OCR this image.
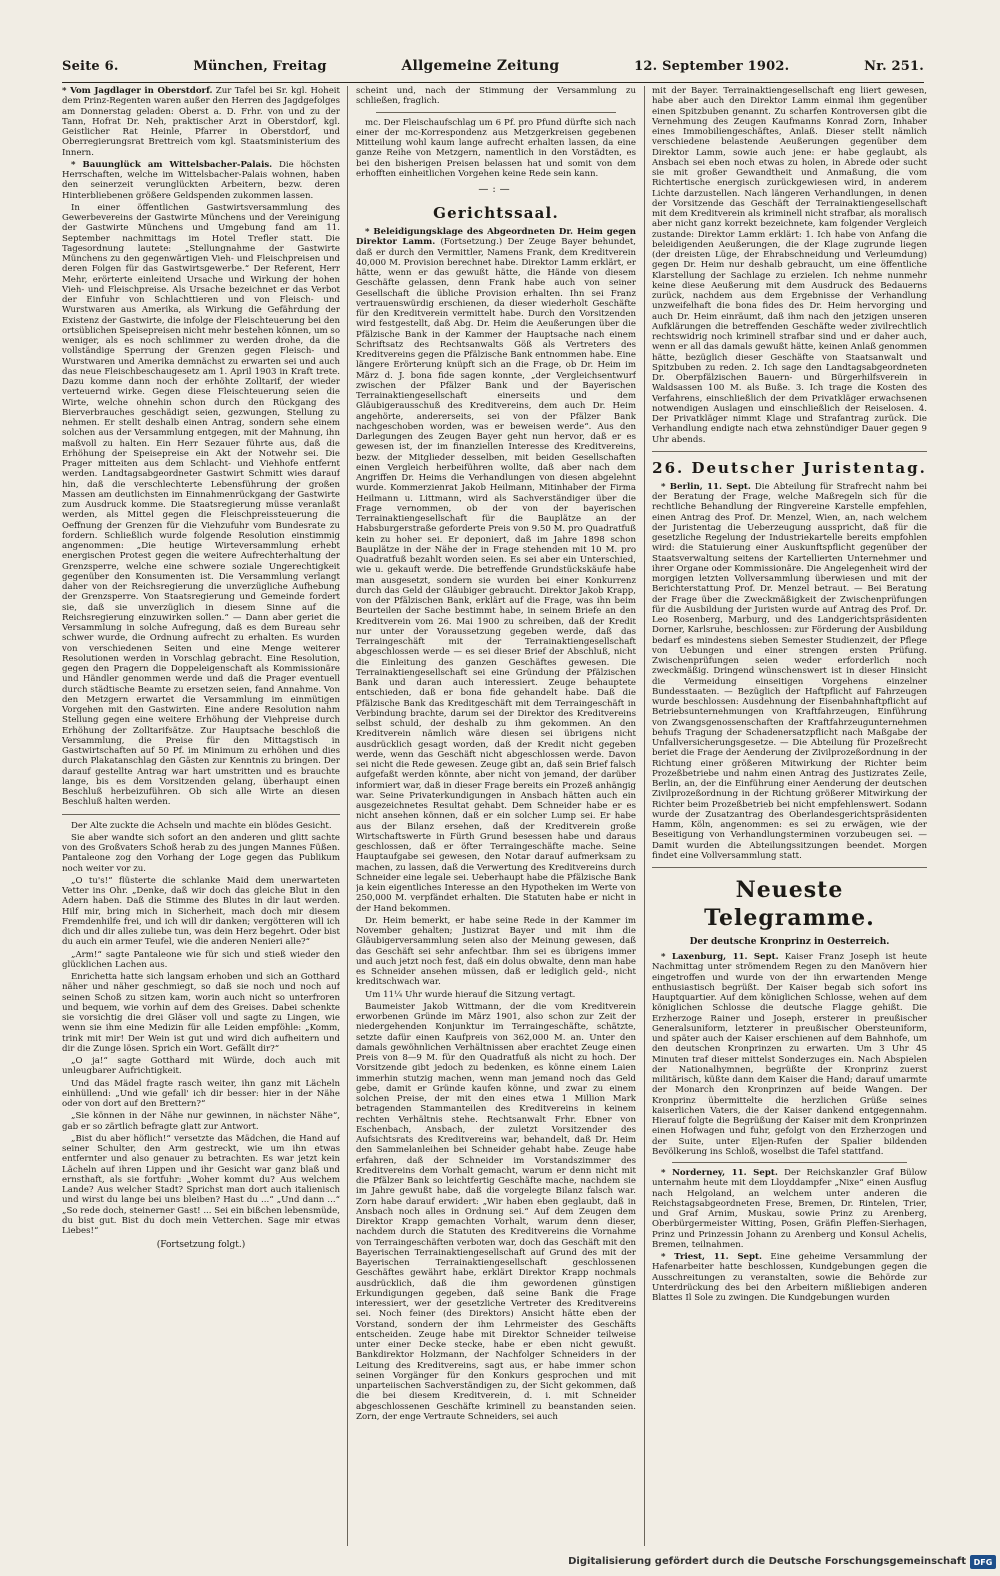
Seite 6.	München, Freitag	Allgemeine Zeitung	12. September 1902.	Nr. 251.

* Vom Jagdlager in Oberstdorf. Zur Tafel bei Sr. kgl. Hoheit dem Prinz-Regenten waren außer den Herren des Jagdgefolges am Donnerstag geladen: Oberst a. D. Frhr. von und zu der Tann, Hofrat Dr. Neh, praktischer Arzt in Oberstdorf, kgl. Geistlicher Rat Heinle, Pfarrer in Oberstdorf, und Oberregierungsrat Brettreich vom kgl. Staatsministerium des Innern.

* Bauunglück am Wittelsbacher-Palais. Die höchsten Herrschaften, welche im Wittelsbacher-Palais wohnen, haben den seinerzeit verunglückten Arbeitern, bezw. deren Hinterbliebenen größere Geldspenden zukommen lassen.

In einer öffentlichen Gastwirtsversammlung des Gewerbevereins der Gastwirte Münchens und der Vereinigung der Gastwirte Münchens und Umgebung fand am 11. September nachmittags im Hotel Trefler statt. Die Tagesordnung lautete: „Stellungnahme der Gastwirte Münchens zu den gegenwärtigen Vieh- und Fleischpreisen und deren Folgen für das Gastwirtsgewerbe.“ Der Referent, Herr Mehr, erörterte einleitend Ursache und Wirkung der hohen Vieh- und Fleischpreise. Als Ursache bezeichnet er das Verbot der Einfuhr von Schlachttieren und von Fleisch- und Wurstwaren aus Amerika, als Wirkung die Gefährdung der Existenz der Gastwirte, die infolge der Fleischteuerung bei den ortsüblichen Speisepreisen nicht mehr bestehen können, um so weniger, als es noch schlimmer zu werden drohe, da die vollständige Sperrung der Grenzen gegen Fleisch- und Wurstwaren und Amerika demnächst zu erwarten sei und auch das neue Fleischbeschaugesetz am 1. April 1903 in Kraft trete. Dazu komme dann noch der erhöhte Zolltarif, der wieder verteuernd wirke. Gegen diese Fleischteuerung seien die Wirte, welche ohnehin schon durch den Rückgang des Bierverbrauches geschädigt seien, gezwungen, Stellung zu nehmen. Er stellt deshalb einen Antrag, sondern sehe einem solchen aus der Versammlung entgegen, mit der Mahnung, ihn maßvoll zu halten. Ein Herr Sezauer führte aus, daß die Erhöhung der Speisepreise ein Akt der Notwehr sei. Die Prager mitteiten aus dem Schlacht- und Viehhofe entfernt werden. Landtagsabgeordneter Gastwirt Schmitt wies darauf hin, daß die verschlechterte Lebensführung der großen Massen am deutlichsten im Einnahmenrückgang der Gastwirte zum Ausdruck komme. Die Staatsregierung müsse veranlaßt werden, als Mittel gegen die Fleischpreissteuerung die Oeffnung der Grenzen für die Viehzufuhr vom Bundesrate zu fordern. Schließlich wurde folgende Resolution einstimmig angenommen: „Die heutige Wirteversammlung erhebt energischen Protest gegen die weitere Aufrechterhaltung der Grenzsperre, welche eine schwere soziale Ungerechtigkeit gegenüber den Konsumenten ist. Die Versammlung verlangt daher von der Reichsregierung die unverzügliche Aufhebung der Grenzsperre. Von Staatsregierung und Gemeinde fordert sie, daß sie unverzüglich in diesem Sinne auf die Reichsregierung einzuwirken sollen.“ — Dann aber geriet die Versammlung in solche Aufregung, daß es dem Bureau sehr schwer wurde, die Ordnung aufrecht zu erhalten. Es wurden von verschiedenen Seiten und eine Menge weiterer Resolutionen werden in Vorschlag gebracht. Eine Resolution, gegen den Pragern die Doppeleigenschaft als Kommissionäre und Händler genommen werde und daß die Prager eventuell durch städtische Beamte zu ersetzen seien, fand Annahme. Von den Metzgern erwartet die Versammlung im einmütigen Vorgehen mit den Gastwirten. Eine andere Resolution nahm Stellung gegen eine weitere Erhöhung der Viehpreise durch Erhöhung der Zolltarifsätze. Zur Hauptsache beschloß die Versammlung, die Preise für den Mittagstisch in Gastwirtschaften auf 50 Pf. im Minimum zu erhöhen und dies durch Plakatanschlag den Gästen zur Kenntnis zu bringen. Der darauf gestellte Antrag war hart umstritten und es brauchte lange, bis es dem Vorsitzenden gelang, überhaupt einen Beschluß herbeizuführen. Ob sich alle Wirte an diesen Beschluß halten werden.

Der Alte zuckte die Achseln und machte ein blödes Gesicht.

Sie aber wandte sich sofort an den anderen und glitt sachte von des Großvaters Schoß herab zu des jungen Mannes Füßen. Pantaleone zog den Vorhang der Loge gegen das Publikum noch weiter vor zu.

„O tu's!“ flüsterte die schlanke Maid dem unerwarteten Vetter ins Ohr. „Denke, daß wir doch das gleiche Blut in den Adern haben. Daß die Stimme des Blutes in dir laut werden. Hilf mir, bring mich in Sicherheit, mach doch mir diesem Fremdenhilfe frei, und ich will dir danken; vergötteren will ich dich und dir alles zuliebe tun, was dein Herz begehrt. Oder bist du auch ein armer Teufel, wie die anderen Nenieri alle?“

„Arm!“ sagte Pantaleone wie für sich und stieß wieder den glücklichen Lachen aus.

Enrichetta hatte sich langsam erhoben und sich an Gotthard näher und näher geschmiegt, so daß sie noch und noch auf seinen Schoß zu sitzen kam, worin auch nicht so unterfroren und bequem, wie vorhin auf dem des Greises. Dabei schenkte sie vorsichtig die drei Gläser voll und sagte zu Lingen, wie wenn sie ihm eine Medizin für alle Leiden empföhle: „Komm, trink mit mir! Der Wein ist gut und wird dich aufheitern und dir die Zunge lösen. Sprich ein Wort. Gefällt dir?“

„O ja!“ sagte Gotthard mit Würde, doch auch mit unleugbarer Aufrichtigkeit.

Und das Mädel fragte rasch weiter, ihn ganz mit Lächeln einhüllend: „Und wie gefall' ich dir besser: hier in der Nähe oder von dort auf den Brettern?“

„Sie können in der Nähe nur gewinnen, in nächster Nähe“, gab er so zärtlich befragte glatt zur Antwort.

„Bist du aber höflich!“ versetzte das Mädchen, die Hand auf seiner Schulter, den Arm gestreckt, wie um ihn etwas entfernter und also genauer zu betrachten. Es war jetzt kein Lächeln auf ihren Lippen und ihr Gesicht war ganz blaß und ernsthaft, als sie fortfuhr: „Woher kommt du? Aus welchem Lande? Aus welcher Stadt? Sprichst man dort auch italienisch und wirst du lange bei uns bleiben? Hast du ...“ „Und dann ...“ „So rede doch, steinerner Gast! ... Sei ein bißchen lebensmüde, du bist gut. Bist du doch mein Vetterchen. Sage mir etwas Liebes!“

(Fortsetzung folgt.)

scheint und, nach der Stimmung der Versammlung zu schließen, fraglich.

mc. Der Fleischaufschlag um 6 Pf. pro Pfund dürfte sich nach einer der mc-Korrespondenz aus Metzgerkreisen gegebenen Mitteilung wohl kaum lange aufrecht erhalten lassen, da eine ganze Reihe von Metzgern, namentlich in den Vorstädten, es bei den bisherigen Preisen belassen hat und somit von dem erhofften einheitlichen Vorgehen keine Rede sein kann.

—:—
Gerichtssaal.

* Beleidigungsklage des Abgeordneten Dr. Heim gegen Direktor Lamm. (Fortsetzung.) Der Zeuge Bayer behundet, daß er durch den Vermittler, Namens Frank, dem Kreditverein 40,000 M. Provision berechnet habe. Direktor Lamm erklärt, er hätte, wenn er das gewußt hätte, die Hände von diesem Geschäfte gelassen, denn Frank habe auch von seiner Gesellschaft die übliche Provision erhalten. Ihn sei Franz vertrauenswürdig erschienen, da dieser wiederholt Geschäfte für den Kreditverein vermittelt habe. Durch den Vorsitzenden wird festgestellt, daß Abg. Dr. Heim die Aeußerungen über die Pfälzische Bank in der Kammer der Hauptsache nach einem Schriftsatz des Rechtsanwalts Göß als Vertreters des Kreditvereins gegen die Pfälzische Bank entnommen habe. Eine längere Erörterung knüpft sich an die Frage, ob Dr. Heim im März d. J. bona fide sagen konnte, „der Vergleichsentwurf zwischen der Pfälzer Bank und der Bayerischen Terrainaktiengesellschaft einerseits und dem Gläubigerausschuß des Kreditvereins, dem auch Dr. Heim angehörte, andererseits, sei von der Pfälzer Bank nachgeschoben worden, was er beweisen werde“. Aus den Darlegungen des Zeugen Bayer geht nun hervor, daß er es gewesen ist, der im finanziellen Interesse des Kreditvereins, bezw. der Mitglieder desselben, mit beiden Gesellschaften einen Vergleich herbeiführen wollte, daß aber nach dem Angriffen Dr. Heims die Verhandlungen von diesen abgelehnt wurde. Kommerzienrat Jakob Heilmann, Mitinhaber der Firma Heilmann u. Littmann, wird als Sachverständiger über die Frage vernommen, ob der von der bayerischen Terrainaktiengesellschaft für die Bauplätze an der Habsburgerstraße geforderte Preis von 9.50 M. pro Quadratfuß kein zu hoher sei. Er deponiert, daß im Jahre 1898 schon Bauplätze in der Nähe der in Frage stehenden mit 10 M. pro Quadratfuß bezahlt worden seien. Es sei aber ein Unterschied, wie u. gekauft werde. Die betreffende Grundstückskäufe habe man ausgesetzt, sondern sie wurden bei einer Konkurrenz durch das Geld der Gläubiger gebraucht. Direktor Jakob Krapp, von der Pfälzischen Bank, erklärt auf die Frage, was ihn beim Beurteilen der Sache bestimmt habe, in seinem Briefe an den Kreditverein vom 26. Mai 1900 zu schreiben, daß der Kredit nur unter der Voraussetzung gegeben werde, daß das Terraingeschäft mit der Terrainaktiengesellschaft abgeschlossen werde — es sei dieser Brief der Abschluß, nicht die Einleitung des ganzen Geschäftes gewesen. Die Terrainaktiengesellschaft sei eine Gründung der Pfälzischen Bank und daran auch interessiert. Zeuge behauptete entschieden, daß er bona fide gehandelt habe. Daß die Pfälzische Bank das Kreditgeschäft mit dem Terraingeschäft in Verbindung brachte, darum sei der Direktor des Kreditvereins selbst schuld, der deshalb zu ihm gekommen. An den Kreditverein nämlich wäre diesen sei übrigens nicht ausdrücklich gesagt worden, daß der Kredit nicht gegeben werde, wenn das Geschäft nicht abgeschlossen werde. Davon sei nicht die Rede gewesen. Zeuge gibt an, daß sein Brief falsch aufgefaßt werden könnte, aber nicht von jemand, der darüber informiert war, daß in dieser Frage bereits ein Prozeß anhängig war. Seine Privaterkundigungen in Ansbach hätten auch ein ausgezeichnetes Resultat gehabt. Dem Schneider habe er es nicht ansehen können, daß er ein solcher Lump sei. Er habe aus der Bilanz ersehen, daß der Kreditverein große Wirtschaftswerte in Fürth Grund besessen habe und daraus geschlossen, daß er öfter Terraingeschäfte mache. Seine Hauptaufgabe sei gewesen, den Notar darauf aufmerksam zu machen, zu lassen, daß die Verwertung des Kreditvereins durch Schneider eine legale sei. Ueberhaupt habe die Pfälzische Bank ja kein eigentliches Interesse an den Hypotheken im Werte von 250,000 M. verpfändet erhalten. Die Statuten habe er nicht in der Hand bekommen.

Dr. Heim bemerkt, er habe seine Rede in der Kammer im November gehalten; Justizrat Bayer und mit ihm die Gläubigerversammlung seien also der Meinung gewesen, daß das Geschäft sei sehr anfechtbar. Ihm sei es übrigens immer und auch jetzt noch fest, daß ein dolus obwalte, denn man habe es Schneider ansehen müssen, daß er lediglich geld-, nicht kreditschwach war.

Um 11¼ Uhr wurde hierauf die Sitzung vertagt.

Baumeister Jakob Wittmann, der die vom Kreditverein erworbenen Gründe im März 1901, also schon zur Zeit der niedergehenden Konjunktur im Terraingeschäfte, schätzte, setzte dafür einen Kaufpreis von 362,000 M. an. Unter den damals gewöhnlichen Verhältnissen aber erachtet Zeuge einen Preis von 8—9 M. für den Quadratfuß als nicht zu hoch. Der Vorsitzende gibt jedoch zu bedenken, es könne einem Laien immerhin stutzig machen, wenn man jemand noch das Geld gebe, damit er Gründe kaufen könne, und zwar zu einem solchen Preise, der mit den eines etwa 1 Million Mark betragenden Stammanteilen des Kreditvereins in keinem rechten Verhältnis stehe. Rechtsanwalt Frhr. Ebner von Eschenbach, Ansbach, der zuletzt Vorsitzender des Aufsichtsrats des Kreditvereins war, behandelt, daß Dr. Heim den Sammelanleihen bei Schneider gehabt habe. Zeuge habe erfahren, daß der Schneider im Vorstandszimmer des Kreditvereins dem Vorhalt gemacht, warum er denn nicht mit die Pfälzer Bank so leichtfertig Geschäfte mache, nachdem sie im Jahre gewußt habe, daß die vorgelegte Bilanz falsch war. Zorn habe darauf erwidert: „Wir haben eben geglaubt, daß in Ansbach noch alles in Ordnung sei.“ Auf dem Zeugen dem Direktor Krapp gemachten Vorhalt, warum denn dieser, nachdem durch die Statuten des Kreditvereins die Vornahme von Terraingeschäften verboten war, doch das Geschäft mit den Bayerischen Terrainaktiengesellschaft auf Grund des mit der Bayerischen Terrainaktiengesellschaft geschlossenen Geschäftes gewährt habe, erklärt Direktor Krapp nochmals ausdrücklich, daß die ihm gewordenen günstigen Erkundigungen gegeben, daß seine Bank die Frage interessiert, wer der gesetzliche Vertreter des Kreditvereins sei. Noch feiner (des Direktors) Ansicht hätte eben der Vorstand, sondern der ihm Lehrmeister des Geschäfts entscheiden. Zeuge habe mit Direktor Schneider teilweise unter einer Decke stecke, habe er eben nicht gewußt. Bankdirektor Holzmann, der Nachfolger Schneiders in der Leitung des Kreditvereins, sagt aus, er habe immer schon seinen Vorgänger für den Konkurs gesprochen und mit unparteiischen Sachverständigen zu, der Sicht gekommen, daß die bei diesem Kreditverein, d. i. mit Schneider abgeschlossenen Geschäfte kriminell zu beanstanden seien. Zorn, der enge Vertraute Schneiders, sei auch

mit der Bayer. Terrainaktiengesellschaft eng liiert gewesen, habe aber auch den Direktor Lamm einmal ihm gegenüber einen Spitzbuben genannt. Zu scharfen Kontroversen gibt die Vernehmung des Zeugen Kaufmanns Konrad Zorn, Inhaber eines Immobiliengeschäftes, Anlaß. Dieser stellt nämlich verschiedene belastende Aeußerungen gegenüber dem Direktor Lamm, sowie auch jene: er habe geglaubt, als Ansbach sei eben noch etwas zu holen, in Abrede oder sucht sie mit großer Gewandtheit und Anmaßung, die vom Richtertische energisch zurückgewiesen wird, in anderem Lichte darzustellen. Nach längeren Verhandlungen, in denen der Vorsitzende das Geschäft der Terrainaktiengesellschaft mit dem Kreditverein als kriminell nicht strafbar, als moralisch aber nicht ganz korrekt bezeichnete, kam folgender Vergleich zustande: Direktor Lamm erklärt: 1. Ich habe von Anfang die beleidigenden Aeußerungen, die der Klage zugrunde liegen (der dreisten Lüge, der Ehrabschneidung und Verleumdung) gegen Dr. Heim nur deshalb gebraucht, um eine öffentliche Klarstellung der Sachlage zu erzielen. Ich nehme nunmehr keine diese Aeußerung mit dem Ausdruck des Bedauerns zurück, nachdem aus dem Ergebnisse der Verhandlung unzweifelhaft die bona fides des Dr. Heim hervorging und auch Dr. Heim einräumt, daß ihm nach den jetzigen unseren Aufklärungen die betreffenden Geschäfte weder zivilrechtlich rechtswidrig noch kriminell strafbar sind und er daher auch, wenn er all das damals gewußt hätte, keinen Anlaß genommen hätte, bezüglich dieser Geschäfte von Staatsanwalt und Spitzbuben zu reden. 2. Ich sage den Landtagsabgeordneten Dr. Oberpfälzischen Bauern- und Bürgerhilfsverein in Waldsassen 100 M. als Buße. 3. Ich trage die Kosten des Verfahrens, einschließlich der dem Privatkläger erwachsenen notwendigen Auslagen und einschließlich der Reiselosen. 4. Der Privatkläger nimmt Klage und Strafantrag zurück. Die Verhandlung endigte nach etwa zehnstündiger Dauer gegen 9 Uhr abends.

26. Deutscher Juristentag.

* Berlin, 11. Sept. Die Abteilung für Strafrecht nahm bei der Beratung der Frage, welche Maßregeln sich für die rechtliche Behandlung der Ringvereine Karstelle empfehlen, einen Antrag des Prof. Dr. Menzel, Wien, an, nach welchem der Juristentag die Ueberzeugung ausspricht, daß für die gesetzliche Regelung der Industriekartelle bereits empfohlen wird: die Statuierung einer Auskunftspflicht gegenüber der Staatsverwaltung seitens der Kartellierten Unternehmer und ihrer Organe oder Kommissionäre. Die Angelegenheit wird der morgigen letzten Vollversammlung überwiesen und mit der Berichterstattung Prof. Dr. Menzel betraut. — Bei Beratung der Frage über die Zweckmäßigkeit der Zwischenprüfungen für die Ausbildung der Juristen wurde auf Antrag des Prof. Dr. Leo Rosenberg, Marburg, und des Landgerichtspräsidenten Dorner, Karlsruhe, beschlossen: zur Förderung der Ausbildung bedarf es mindestens sieben Semester Studienzeit, der Pflege von Uebungen und einer strengen ersten Prüfung. Zwischenprüfungen seien weder erforderlich noch zweckmäßig. Dringend wünschenswert ist in dieser Hinsicht die Vermeidung einseitigen Vorgehens einzelner Bundesstaaten. — Bezüglich der Haftpflicht auf Fahrzeugen wurde beschlossen: Ausdehnung der Eisenbahnhaftpflicht auf Betriebsunternehmungen von Kraftfahrzeugen, Einführung von Zwangsgenossenschaften der Kraftfahrzeugunternehmen behufs Tragung der Schadenersatzpflicht nach Maßgabe der Unfallversicherungsgesetze. — Die Abteilung für Prozeßrecht beriet die Frage der Aenderung der Zivilprozeßordnung in der Richtung einer größeren Mitwirkung der Richter beim Prozeßbetriebe und nahm einen Antrag des Justizrates Zeile, Berlin, an, der die Einführung einer Aenderung der deutschen Zivilprozeßordnung in der Richtung größerer Mitwirkung der Richter beim Prozeßbetrieb bei nicht empfehlenswert. Sodann wurde der Zusatzantrag des Oberlandesgerichtspräsidenten Hamm, Köln, angenommen: es sei zu erwägen, wie der Beseitigung von Verhandlungsterminen vorzubeugen sei. — Damit wurden die Abteilungssitzungen beendet. Morgen findet eine Vollversammlung statt.

Neueste Telegramme.
Der deutsche Kronprinz in Oesterreich.

* Laxenburg, 11. Sept. Kaiser Franz Joseph ist heute Nachmittag unter strömendem Regen zu den Manövern hier eingetroffen und wurde von der ihn erwartenden Menge enthusiastisch begrüßt. Der Kaiser begab sich sofort ins Hauptquartier. Auf dem königlichen Schlosse, wehen auf dem königlichen Schlosse die deutsche Flagge gehißt. Die Erzherzoge Rainer und Joseph, ersterer in preußischer Generalsuniform, letzterer in preußischer Obersteuniform, und später auch der Kaiser erschienen auf dem Bahnhofe, um den deutschen Kronprinzen zu erwarten. Um 3 Uhr 45 Minuten traf dieser mittelst Sonderzuges ein. Nach Abspielen der Nationalhymnen, begrüßte der Kronprinz zuerst militärisch, küßte dann dem Kaiser die Hand; darauf umarmte der Monarch den Kronprinzen auf beide Wangen. Der Kronprinz übermittelte die herzlichen Grüße seines kaiserlichen Vaters, die der Kaiser dankend entgegennahm. Hierauf folgte die Begrüßung der Kaiser mit dem Kronprinzen einen Hofwagen und fuhr, gefolgt von den Erzherzogen und der Suite, unter Eljen-Rufen der Spalier bildenden Bevölkerung ins Schloß, woselbst die Tafel stattfand.

* Norderney, 11. Sept. Der Reichskanzler Graf Bülow unternahm heute mit dem Lloyddampfer „Nixe“ einen Ausflug nach Helgoland, an welchem unter anderen die Reichstagsabgeordneten Frese, Bremen, Dr. Rintelen, Trier, und Graf Arnim, Muskau, sowie Prinz zu Arenberg, Oberbürgermeister Witting, Posen, Gräfin Pleffen-Sierhagen, Prinz und Prinzessin Johann zu Arenberg und Konsul Achelis, Bremen, teilnahmen.

* Triest, 11. Sept. Eine geheime Versammlung der Hafenarbeiter hatte beschlossen, Kundgebungen gegen die Ausschreitungen zu veranstalten, sowie die Behörde zur Unterdrückung des bei den Arbeitern mißliebigen anderen Blattes Il Sole zu zwingen. Die Kundgebungen wurden

Digitalisierung gefördert durch die Deutsche Forschungsgemeinschaft DFG
